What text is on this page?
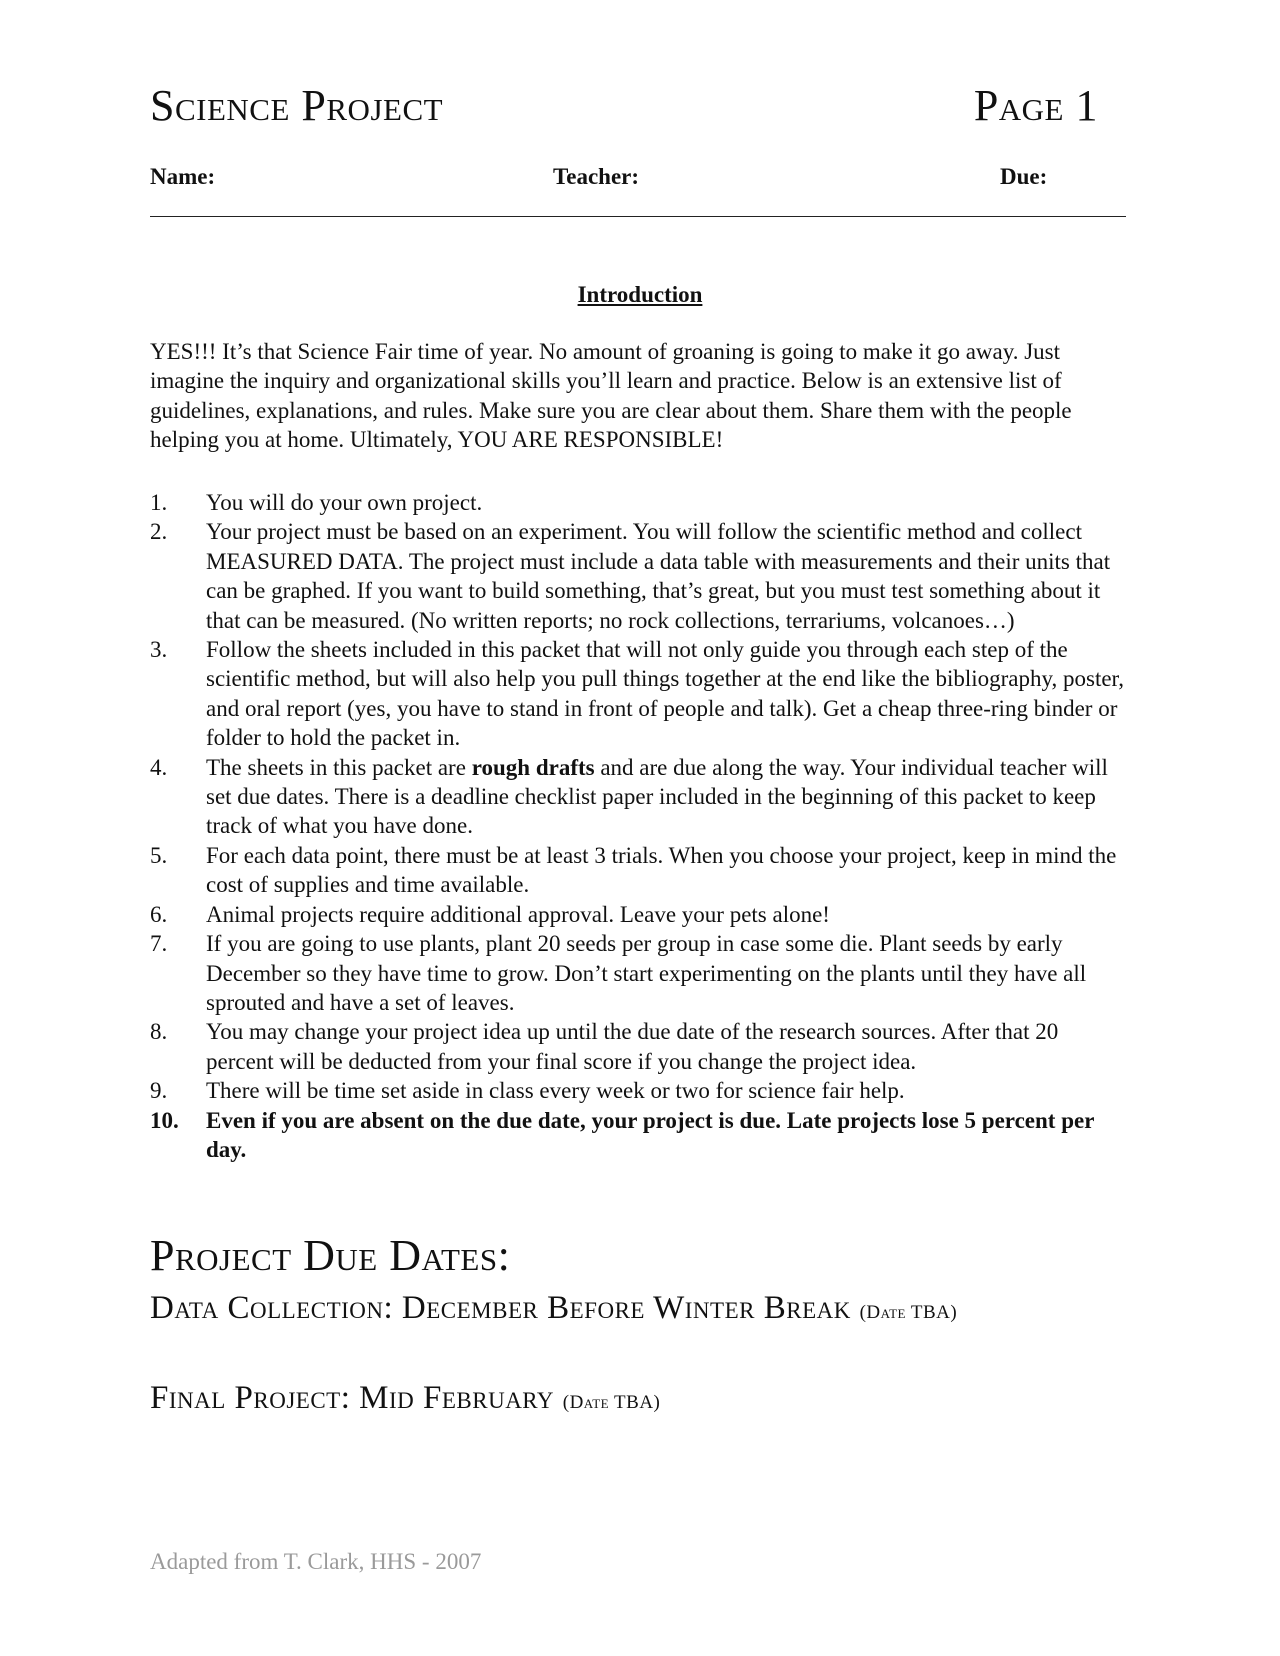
Science Project	Page 1
Name:	Teacher:	Due:
Introduction

YES!!! It’s that Science Fair time of year. No amount of groaning is going to make it go away. Just imagine the inquiry and organizational skills you’ll learn and practice. Below is an extensive list of guidelines, explanations, and rules. Make sure you are clear about them. Share them with the people helping you at home. Ultimately, YOU ARE RESPONSIBLE!

1. You will do your own project.
2. Your project must be based on an experiment. You will follow the scientific method and collect MEASURED DATA. The project must include a data table with measurements and their units that can be graphed. If you want to build something, that’s great, but you must test something about it that can be measured. (No written reports; no rock collections, terrariums, volcanoes…)
3. Follow the sheets included in this packet that will not only guide you through each step of the scientific method, but will also help you pull things together at the end like the bibliography, poster, and oral report (yes, you have to stand in front of people and talk). Get a cheap three-ring binder or folder to hold the packet in.
4. The sheets in this packet are rough drafts and are due along the way. Your individual teacher will set due dates. There is a deadline checklist paper included in the beginning of this packet to keep track of what you have done.
5. For each data point, there must be at least 3 trials. When you choose your project, keep in mind the cost of supplies and time available.
6. Animal projects require additional approval. Leave your pets alone!
7. If you are going to use plants, plant 20 seeds per group in case some die. Plant seeds by early December so they have time to grow. Don’t start experimenting on the plants until they have all sprouted and have a set of leaves.
8. You may change your project idea up until the due date of the research sources. After that 20 percent will be deducted from your final score if you change the project idea.
9. There will be time set aside in class every week or two for science fair help.
10. Even if you are absent on the due date, your project is due. Late projects lose 5 percent per day.
Project Due Dates:

Data Collection: December Before Winter Break (Date TBA)

Final Project: Mid February (Date TBA)

Adapted from T. Clark, HHS - 2007
